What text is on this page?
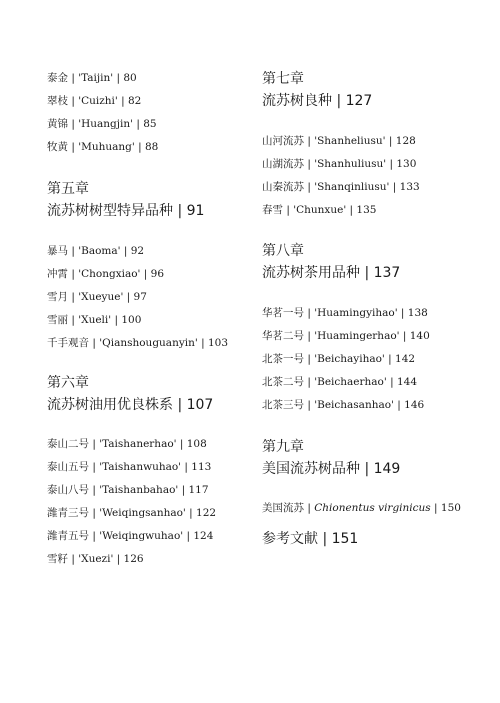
泰金 | 'Taijin' | 80
翠枝 | 'Cuizhi' | 82
黄锦 | 'Huangjin' | 85
牧黄 | 'Muhuang' | 88
第五章
流苏树树型特异品种 | 91
暴马 | 'Baoma' | 92
冲霄 | 'Chongxiao' | 96
雪月 | 'Xueyue' | 97
雪丽 | 'Xueli' | 100
千手观音 | 'Qianshouguanyin' | 103
第六章
流苏树油用优良株系 | 107
泰山二号 | 'Taishanerhao' | 108
泰山五号 | 'Taishanwuhao' | 113
泰山八号 | 'Taishanbahao' | 117
潍青三号 | 'Weiqingsanhao' | 122
潍青五号 | 'Weiqingwuhao' | 124
雪籽 | 'Xuezi' | 126
第七章
流苏树良种 | 127
山河流苏 | 'Shanheliusu' | 128
山湖流苏 | 'Shanhuliusu' | 130
山秦流苏 | 'Shanqinliusu' | 133
春雪 | 'Chunxue' | 135
第八章
流苏树茶用品种 | 137
华茗一号 | 'Huamingyihao' | 138
华茗二号 | 'Huamingerhao' | 140
北茶一号 | 'Beichayihao' | 142
北茶二号 | 'Beichaerhao' | 144
北茶三号 | 'Beichasanhao' | 146
第九章
美国流苏树品种 | 149
美国流苏 | Chionentus virginicus | 150
参考文献 | 151
